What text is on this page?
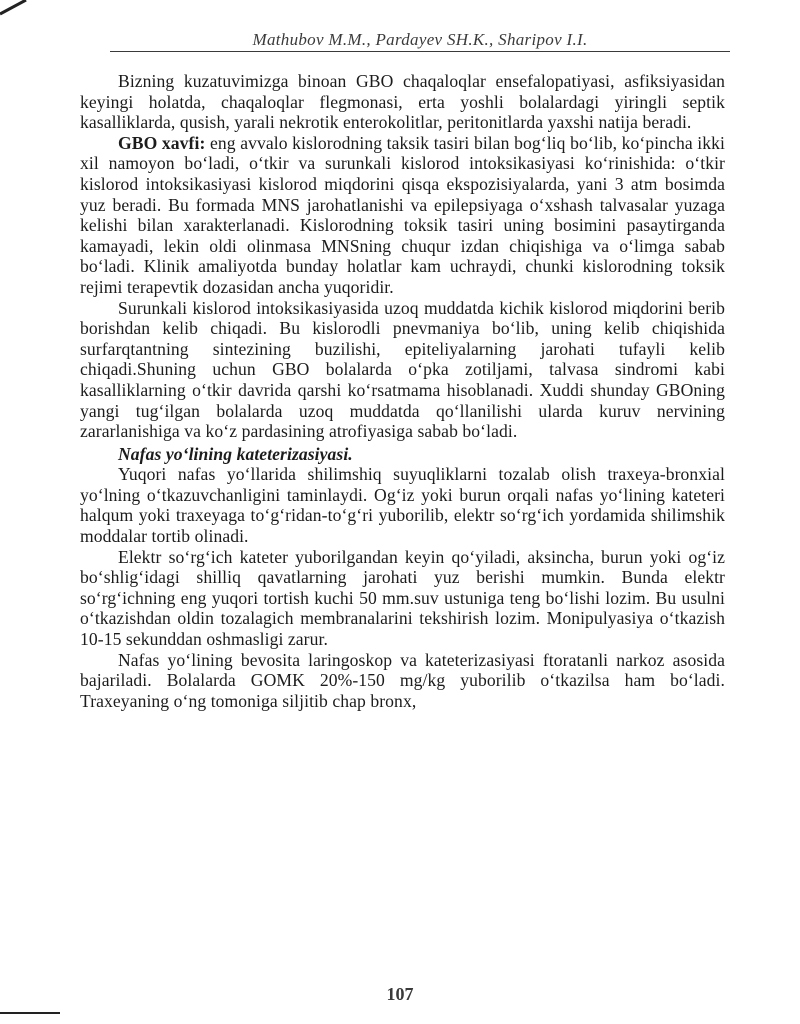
Mathubov M.M., Pardayev SH.K., Sharipov I.I.

Bizning kuzatuvimizga binoan GBO chaqaloqlar ensefalopatiyasi, asfiksiyasidan keyingi holatda, chaqaloqlar flegmonasi, erta yoshli bolalardagi yiringli septik kasalliklarda, qusish, yarali nekrotik enterokolitlar, peritonitlarda yaxshi natija beradi.

GBO xavfi: eng avvalo kislorodning taksik tasiri bilan bog‘liq bo‘lib, ko‘pincha ikki xil namoyon bo‘ladi, o‘tkir va surunkali kislorod intoksikasiyasi ko‘rinishida: o‘tkir kislorod intoksikasiyasi kislorod miqdorini qisqa ekspozisiyalarda, yani 3 atm bosimda yuz beradi. Bu formada MNS jarohatlanishi va epilepsiyaga o‘xshash talvasalar yuzaga kelishi bilan xarakterlanadi. Kislorodning toksik tasiri uning bosimini pasaytirganda kamayadi, lekin oldi olinmasa MNSning chuqur izdan chiqishiga va o‘limga sabab bo‘ladi. Klinik amaliyotda bunday holatlar kam uchraydi, chunki kislorodning toksik rejimi terapevtik dozasidan ancha yuqoridir.

Surunkali kislorod intoksikasiyasida uzoq muddatda kichik kislorod miqdorini berib borishdan kelib chiqadi. Bu kislorodli pnevmaniya bo‘lib, uning kelib chiqishida surfarqtantning sintezining buzilishi, epiteliyalarning jarohati tufayli kelib chiqadi.Shuning uchun GBO bolalarda o‘pka zotiljami, talvasa sindromi kabi kasalliklarning o‘tkir davrida qarshi ko‘rsatmama hisoblanadi. Xuddi shunday GBOning yangi tug‘ilgan bolalarda uzoq muddatda qo‘llanilishi ularda kuruv nervining zararlanishiga va ko‘z pardasining atrofiyasiga sabab bo‘ladi.

Nafas yo‘lining kateterizasiyasi.

Yuqori nafas yo‘llarida shilimshiq suyuqliklarni tozalab olish traxeya-bronxial yo‘lning o‘tkazuvchanligini taminlaydi. Og‘iz yoki burun orqali nafas yo‘lining kateteri halqum yoki traxeyaga to‘g‘ridan-to‘g‘ri yuborilib, elektr so‘rg‘ich yordamida shilimshik moddalar tortib olinadi.

Elektr so‘rg‘ich kateter yuborilgandan keyin qo‘yiladi, aksincha, burun yoki og‘iz bo‘shlig‘idagi shilliq qavatlarning jarohati yuz berishi mumkin. Bunda elektr so‘rg‘ichning eng yuqori tortish kuchi 50 mm.suv ustuniga teng bo‘lishi lozim. Bu usulni o‘tkazishdan oldin tozalagich membranalarini tekshirish lozim. Monipulyasiya o‘tkazish 10-15 sekunddan oshmasligi zarur.

Nafas yo‘lining bevosita laringoskop va kateterizasiyasi ftoratanli narkoz asosida bajariladi. Bolalarda GOMK 20%-150 mg/kg yuborilib o‘tkazilsa ham bo‘ladi. Traxeyaning o‘ng tomoniga siljitib chap bronx,

107
